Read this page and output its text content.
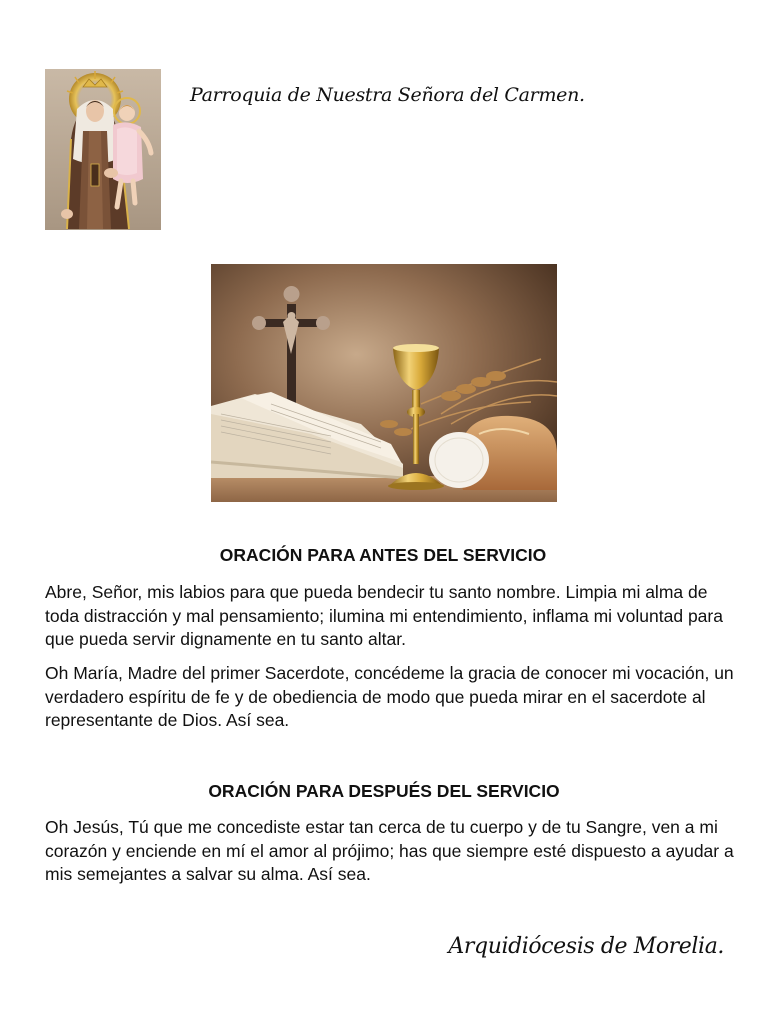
Parroquia de Nuestra Señora del Carmen.
ORACIÓN PARA ANTES DEL SERVICIO

Abre, Señor, mis labios para que pueda bendecir tu santo nombre. Limpia mi alma de toda distracción y mal pensamiento; ilumina mi entendimiento, inflama mi voluntad para que pueda servir dignamente en tu santo altar.

Oh María, Madre del primer Sacerdote, concédeme la gracia de conocer mi vocación, un verdadero espíritu de fe y de obediencia de modo que pueda mirar en el sacerdote al representante de Dios. Así sea.

ORACIÓN PARA DESPUÉS DEL SERVICIO

Oh Jesús, Tú que me concediste estar tan cerca de tu cuerpo y de tu Sangre, ven a mi corazón y enciende en mí el amor al prójimo; has que siempre esté dispuesto a ayudar a mis semejantes a salvar su alma. Así sea.

Arquidiócesis de Morelia.
